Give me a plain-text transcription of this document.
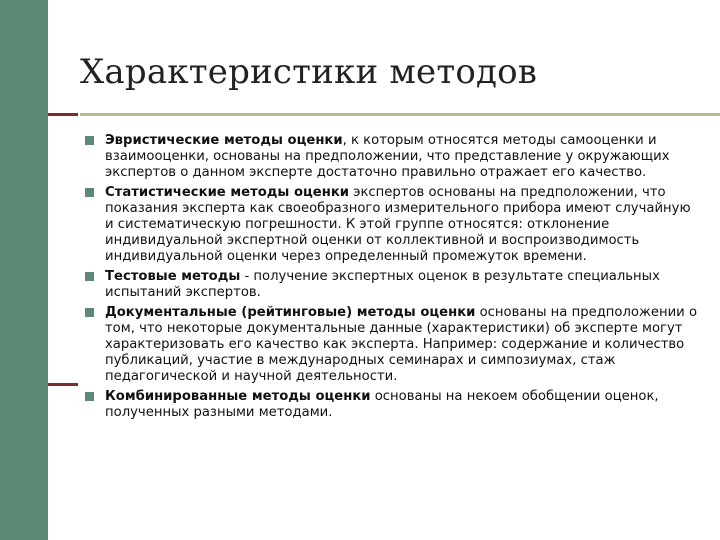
Характеристики методов
Эвристические методы оценки, к которым относятся методы самооценки и взаимооценки, основаны на предположении, что представление у окружающих экспертов о данном эксперте достаточно правильно отражает его качество.
Статистические методы оценки экспертов основаны на предположении, что показания эксперта как своеобразного измерительного прибора имеют случайную и систематическую погрешности. К этой группе относятся: отклонение индивидуальной экспертной оценки от коллективной и воспроизводимость индивидуальной оценки через определенный промежуток времени.
Тестовые методы - получение экспертных оценок в результате специальных испытаний экспертов.
Документальные (рейтинговые) методы оценки основаны на предположении о том, что некоторые документальные данные (характеристики) об эксперте могут характеризовать его качество как эксперта. Например: содержание и количество публикаций, участие в международных семинарах и симпозиумах, стаж педагогической и научной деятельности.
Комбинированные методы оценки основаны на некоем обобщении оценок, полученных разными методами.
